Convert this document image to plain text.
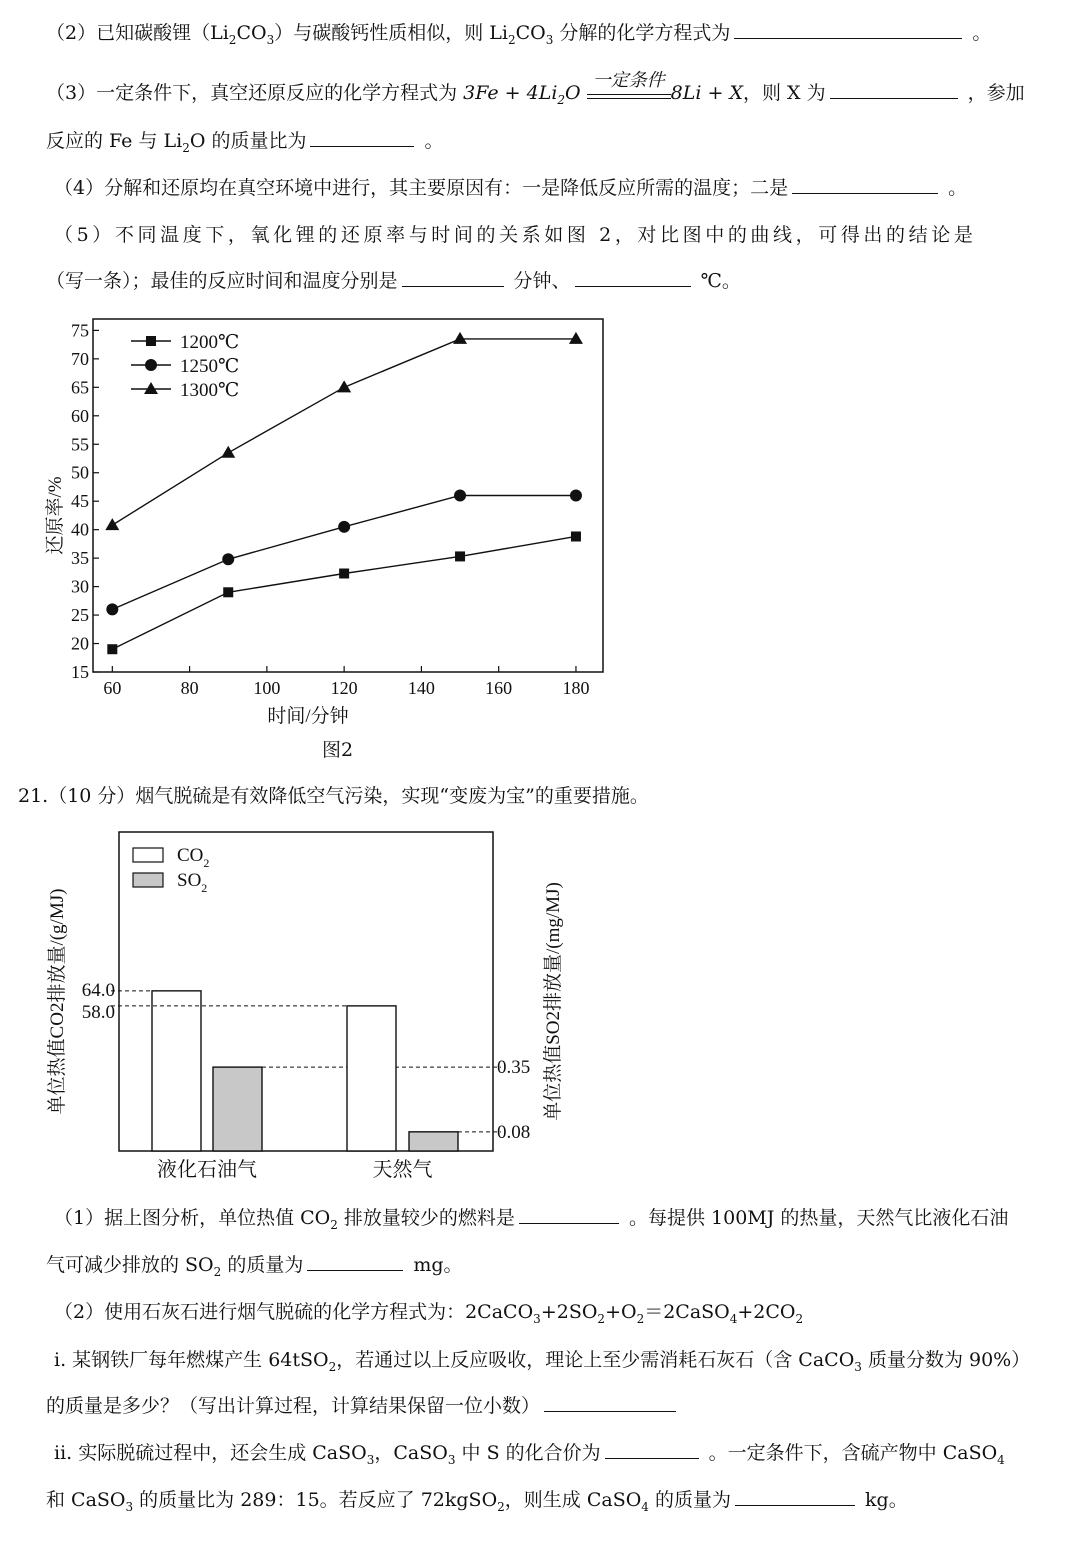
（2）已知碳酸锂$(Li_2CO_3)$与碳酸钙性质相似，则 $Li_2CO_3$ 分解的化学方程式为	。
（3）一定条件下，真空还原反应的化学方程式为 $3Fe + 4Li_2O$
一定条件
8Li + X，则 X 为	，参加
反应的 Fe 与 $Li_2O$ 的质量比为	。
（4）分解和还原均在真空环境中进行，其主要原因有：一是降低反应所需的温度；二是	。
（5）不同温度下，氧化锂的还原率与时间的关系如图 2，对比图中的曲线，可得出的结论是
（写一条）；最佳的反应时间和温度分别是	分钟、	℃。
60	80	100	120	140	160	180
15
20
25
30
35
40
45
50
55
60
65
70
75
时间/分钟
还原率/%
1200℃
1250℃
1300℃
图2
21.（10 分）烟气脱硫是有效降低空气污染，实现“变废为宝”的重要措施。
液化石油气	天然气
64.0
58.0
0.35
0.08
$CO_2$
$SO_2$
单位热值CO2排放量/(g/MJ)	单位热值SO2排放量/(mg/MJ)
（1）据上图分析，单位热值 $CO_2$ 排放量较少的燃料是	。每提供 100MJ 的热量，天然气比液化石油
气可减少排放的 $SO_2$ 的质量为	mg。
（2）使用石灰石进行烟气脱硫的化学方程式为：$2CaCO_3+2SO_2+O_2=2CaSO_4+2CO_2$
ⅰ. 某钢铁厂每年燃煤产生 64tSO$_2$，若通过以上反应吸收，理论上至少需消耗石灰石（含 CaCO$_3$ 质量分数为 90%）
的质量是多少？（写出计算过程，计算结果保留一位小数）
ⅱ. 实际脱硫过程中，还会生成 CaSO$_3$，CaSO$_3$ 中 S 的化合价为	。一定条件下，含硫产物中 CaSO$_4$
和 CaSO$_3$ 的质量比为 289：15。若反应了 72kgSO$_2$，则生成 CaSO$_4$ 的质量为	kg。
